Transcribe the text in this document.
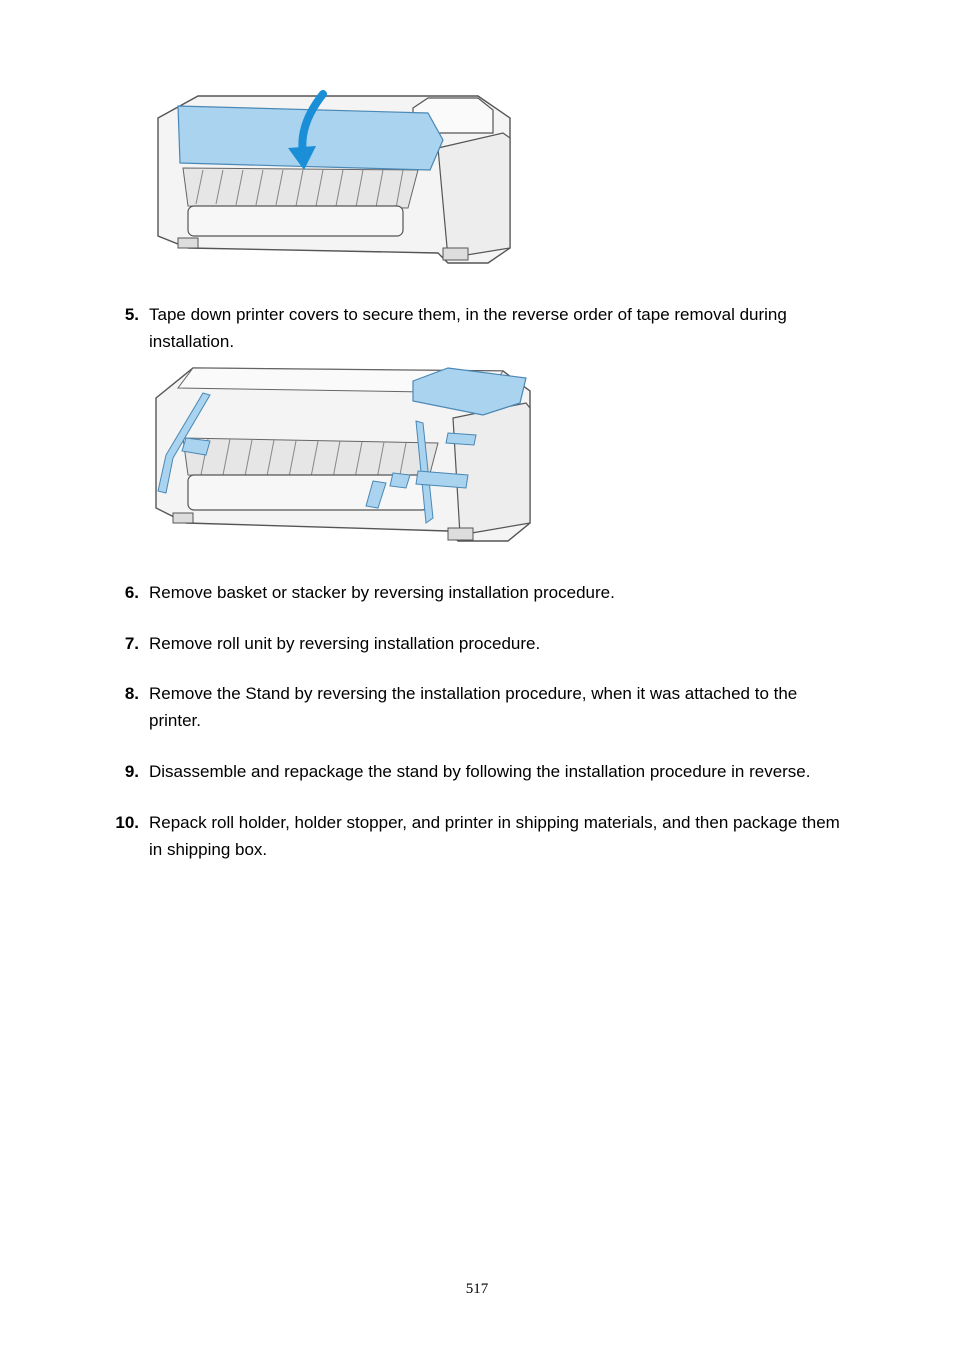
5. Tape down printer covers to secure them, in the reverse order of tape removal during installation.
6. Remove basket or stacker by reversing installation procedure.
7. Remove roll unit by reversing installation procedure.
8. Remove the Stand by reversing the installation procedure, when it was attached to the printer.
9. Disassemble and repackage the stand by following the installation procedure in reverse.
10. Repack roll holder, holder stopper, and printer in shipping materials, and then package them in shipping box.
517
